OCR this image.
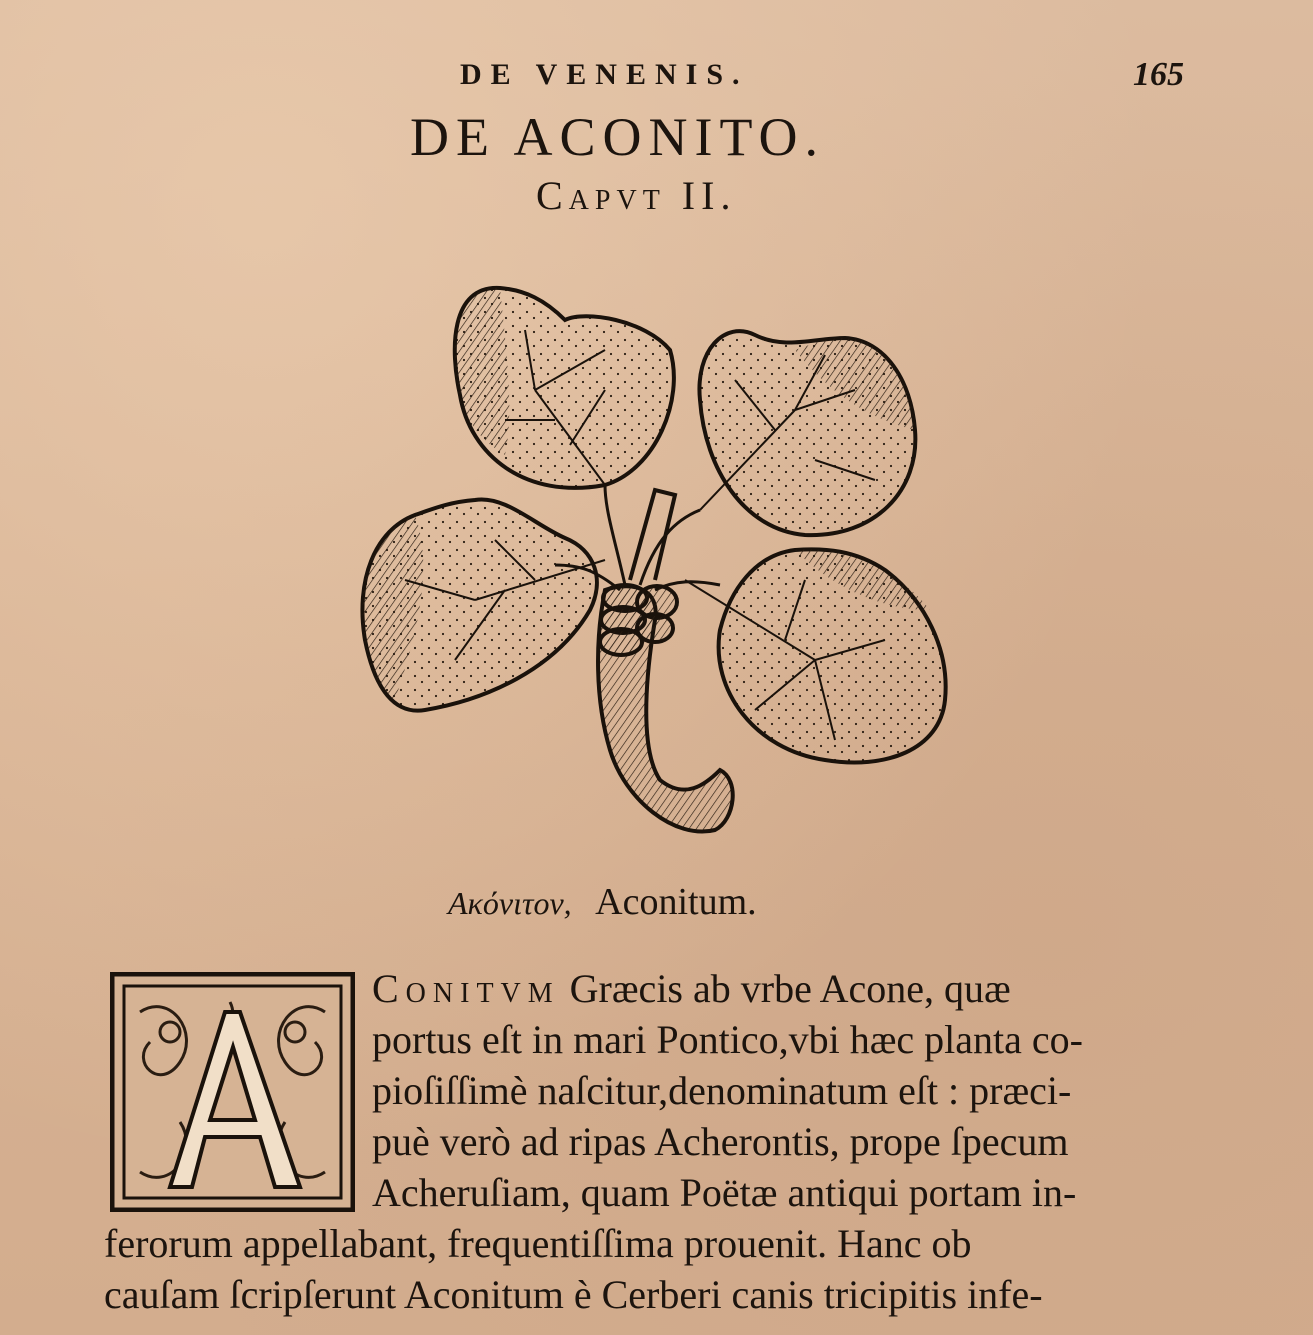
DE VENENIS.	165
DE ACONITO.
Capvt II.
Ακόνιτον, Aconitum.
Conitvm Græcis ab vrbe Acone, quæ
portus eſt in mari Pontico,vbi hæc planta co-
pioſiſſimè naſcitur,denominatum eſt : præci-
puè verò ad ripas Acherontis, prope ſpecum
Acheruſiam, quam Poëtæ antiqui portam in-
ferorum appellabant, frequentiſſima prouenit. Hanc ob
cauſam ſcripſerunt Aconitum è Cerberi canis tricipitis infe-
